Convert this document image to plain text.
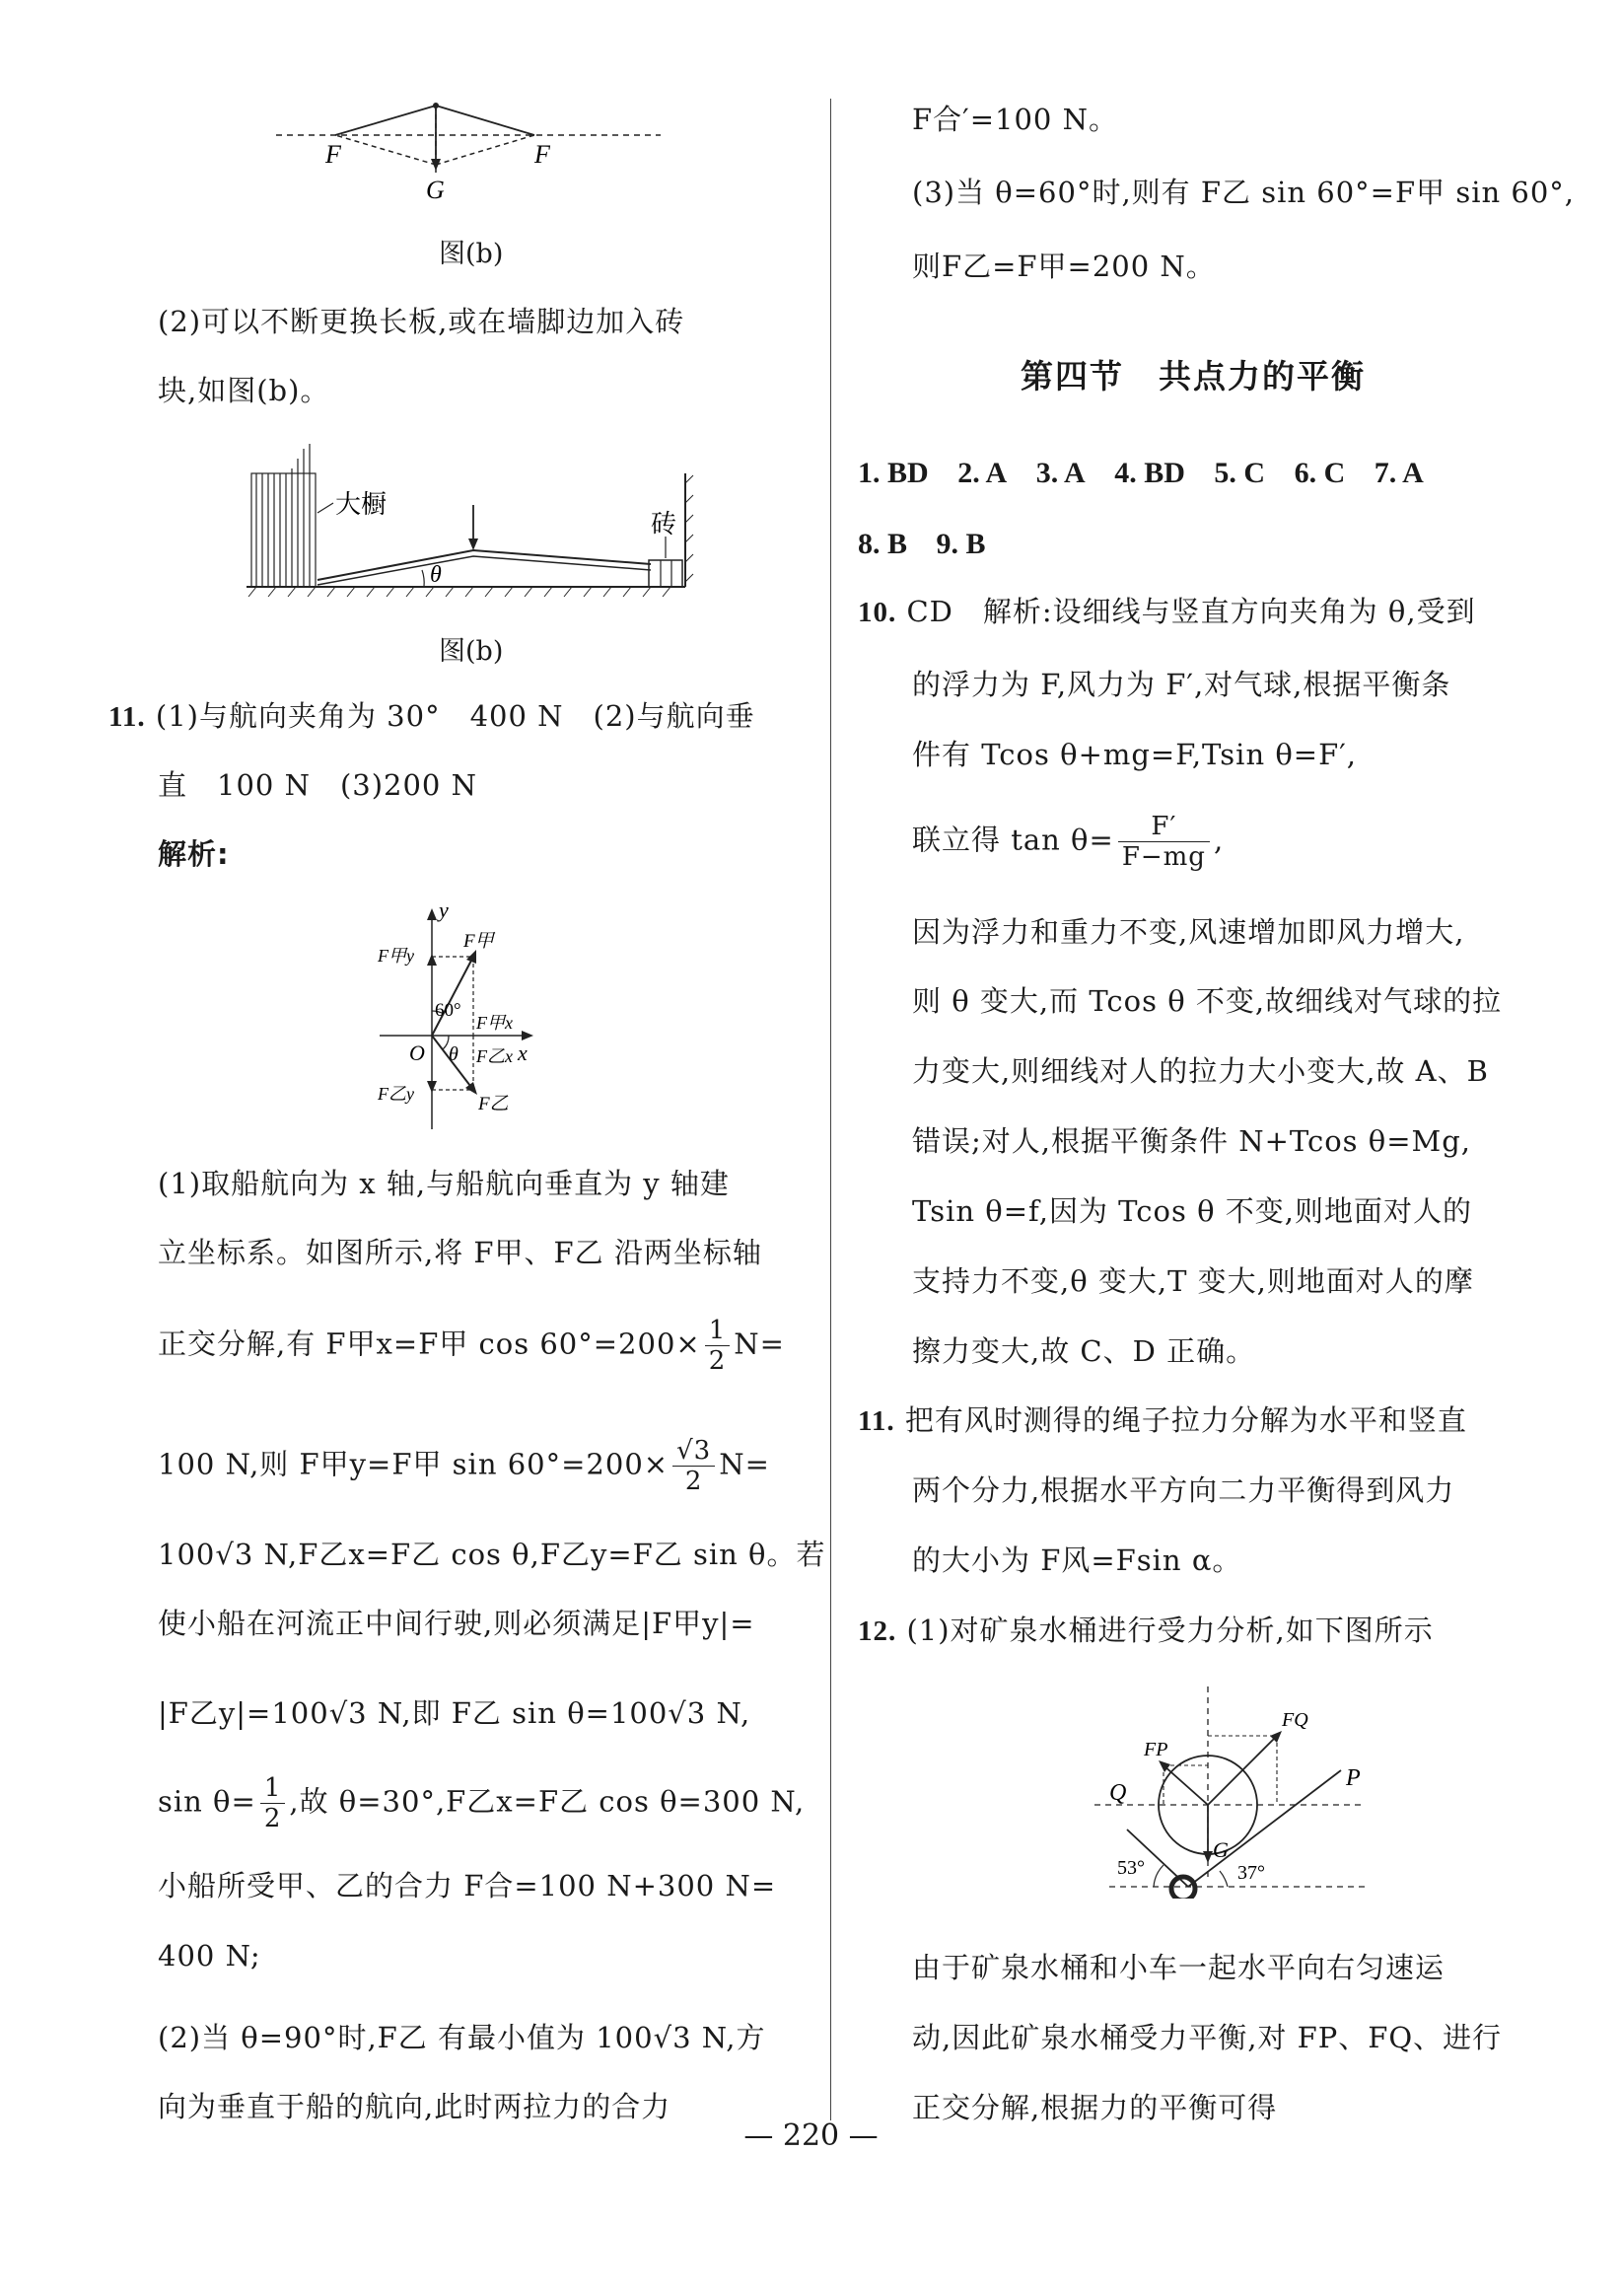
F	F
G
图(b)
(2)可以不断更换长板,或在墙脚边加入砖
块,如图(b)。
θ
大橱
砖
图(b)
11. (1)与航向夹角为 30°　400 N　(2)与航向垂
直　100 N　(3)200 N
解析:
y
x
O
F甲
F甲y
F甲x
60°
θ F乙x
F乙y	F乙
(1)取船航向为 x 轴,与船航向垂直为 y 轴建
立坐标系。如图所示,将 F甲、F乙 沿两坐标轴
正交分解,有 F甲x=F甲 $\cos 60^\circ=200\times \frac{1}{2} N=$
100 N,则 F甲y=F甲 $\sin 60^\circ=200\times \frac{√3}{2} N=$
100√3 N,F乙x=F乙 cos θ,F乙y=F乙 sin θ。若
使小船在河流正中间行驶,则必须满足|F甲y|=
|F乙y|=100√3 N,即 F乙 sin θ=100√3 N,
$\sin \theta= \frac{1}{2}$ ,故 θ=30°,F乙x=F乙 cos θ=300 N,
小船所受甲、乙的合力 F合=100 N+300 N=
400 N;
(2)当 θ=90°时,F乙 有最小值为 100√3 N,方
向为垂直于船的航向,此时两拉力的合力
F合′=100 N。
(3)当 θ=60°时,则有 F乙 sin 60°=F甲 sin 60°,
则F乙=F甲=200 N。
第四节　共点力的平衡
1. BD 2. A 3. A 4. BD 5. C 6. C 7. A
8. B 9. B
10. CD　解析:设细线与竖直方向夹角为 θ,受到
的浮力为 F,风力为 F′,对气球,根据平衡条
件有 Tcos θ+mg=F,Tsin θ=F′,
联立得 $\tan \theta= \frac{F'}{F-mg}$ ,
因为浮力和重力不变,风速增加即风力增大,
则 θ 变大,而 Tcos θ 不变,故细线对气球的拉
力变大,则细线对人的拉力大小变大,故 A、B
错误;对人,根据平衡条件 N+Tcos θ=Mg,
Tsin θ=f,因为 Tcos θ 不变,则地面对人的
支持力不变,θ 变大,T 变大,则地面对人的摩
擦力变大,故 C、D 正确。
11. 把有风时测得的绳子拉力分解为水平和竖直
两个分力,根据水平方向二力平衡得到风力
的大小为 F风=Fsin α。
12. (1)对矿泉水桶进行受力分析,如下图所示
FP
FQ
Q
P
G
53°	37°
由于矿泉水桶和小车一起水平向右匀速运
动,因此矿泉水桶受力平衡,对 FP、FQ、进行
正交分解,根据力的平衡可得
— 220 —
